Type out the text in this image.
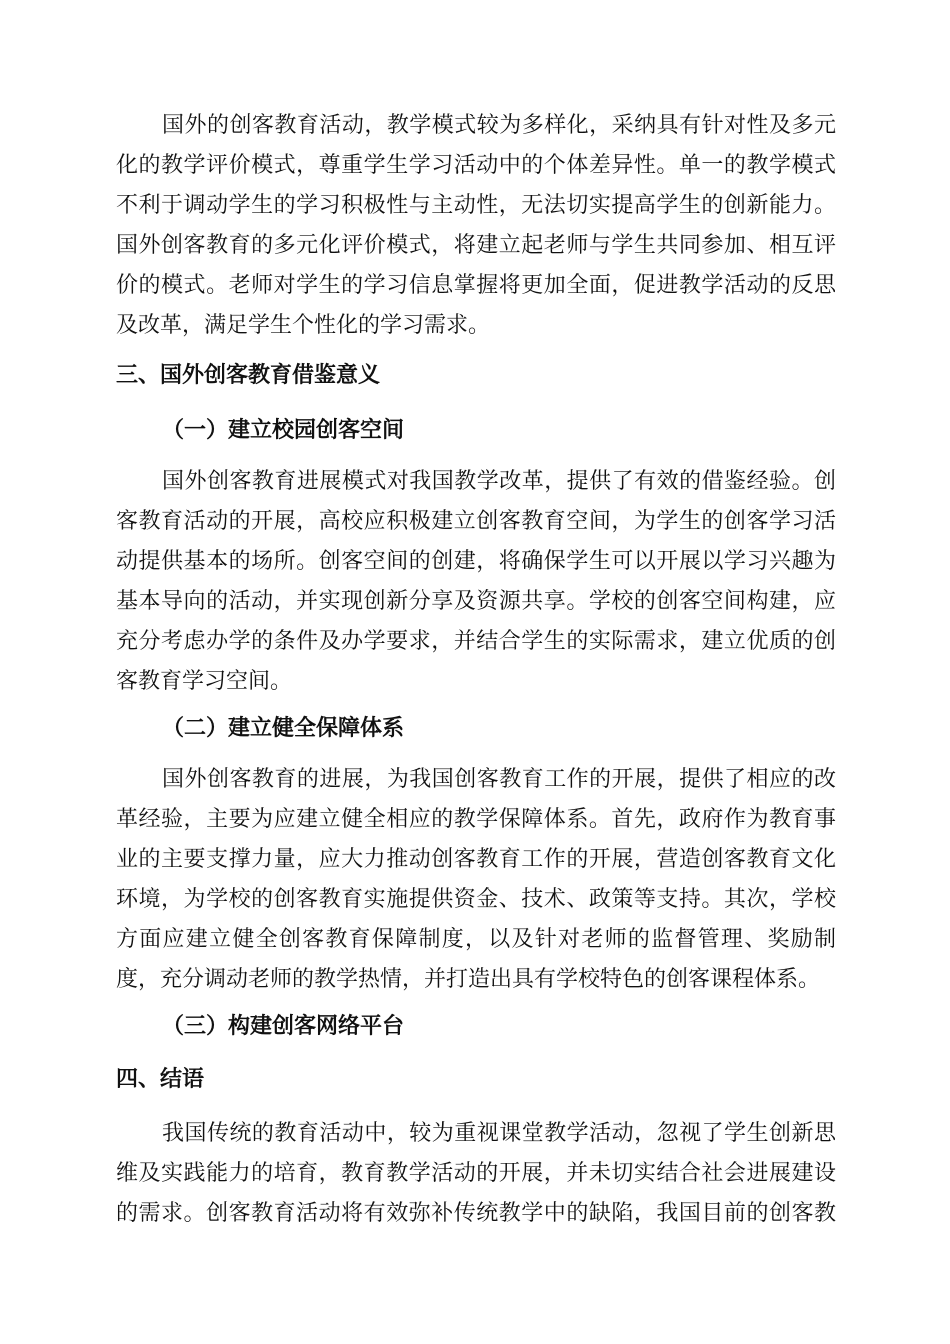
国外的创客教育活动，教学模式较为多样化，采纳具有针对性及多元
化的教学评价模式，尊重学生学习活动中的个体差异性。单一的教学模式
不利于调动学生的学习积极性与主动性，无法切实提高学生的创新能力。
国外创客教育的多元化评价模式，将建立起老师与学生共同参加、相互评
价的模式。老师对学生的学习信息掌握将更加全面，促进教学活动的反思
及改革，满足学生个性化的学习需求。
三、国外创客教育借鉴意义
（一）建立校园创客空间
国外创客教育进展模式对我国教学改革，提供了有效的借鉴经验。创
客教育活动的开展，高校应积极建立创客教育空间，为学生的创客学习活
动提供基本的场所。创客空间的创建，将确保学生可以开展以学习兴趣为
基本导向的活动，并实现创新分享及资源共享。学校的创客空间构建，应
充分考虑办学的条件及办学要求，并结合学生的实际需求，建立优质的创
客教育学习空间。
（二）建立健全保障体系
国外创客教育的进展，为我国创客教育工作的开展，提供了相应的改
革经验，主要为应建立健全相应的教学保障体系。首先，政府作为教育事
业的主要支撑力量，应大力推动创客教育工作的开展，营造创客教育文化
环境，为学校的创客教育实施提供资金、技术、政策等支持。其次，学校
方面应建立健全创客教育保障制度，以及针对老师的监督管理、奖励制
度，充分调动老师的教学热情，并打造出具有学校特色的创客课程体系。
（三）构建创客网络平台
四、结语
我国传统的教育活动中，较为重视课堂教学活动，忽视了学生创新思
维及实践能力的培育，教育教学活动的开展，并未切实结合社会进展建设
的需求。创客教育活动将有效弥补传统教学中的缺陷，我国目前的创客教
